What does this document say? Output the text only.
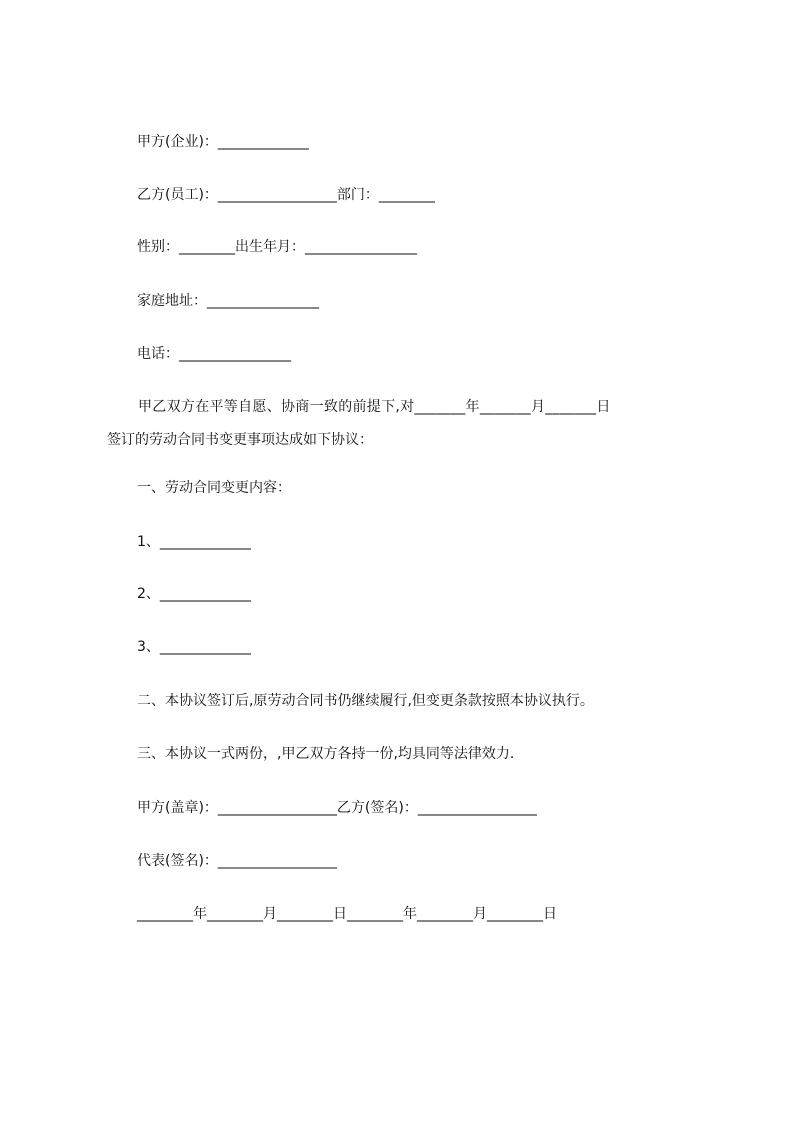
甲方(企业)：_____________
乙方(员工)：_________________部门：________
性别：________出生年月：________________
家庭地址：________________
电话：________________
甲乙双方在平等自愿、协商一致的前提下,对_______年_______月_______日
签订的劳动合同书变更事项达成如下协议：
一、劳动合同变更内容：
1、_____________
2、_____________
3、_____________
二、本协议签订后,原劳动合同书仍继续履行,但变更条款按照本协议执行。
三、本协议一式两份，,甲乙双方各持一份,均具同等法律效力.
甲方(盖章)：_________________乙方(签名)：_________________
代表(签名)：_________________
________年________月________日________年________月________日
